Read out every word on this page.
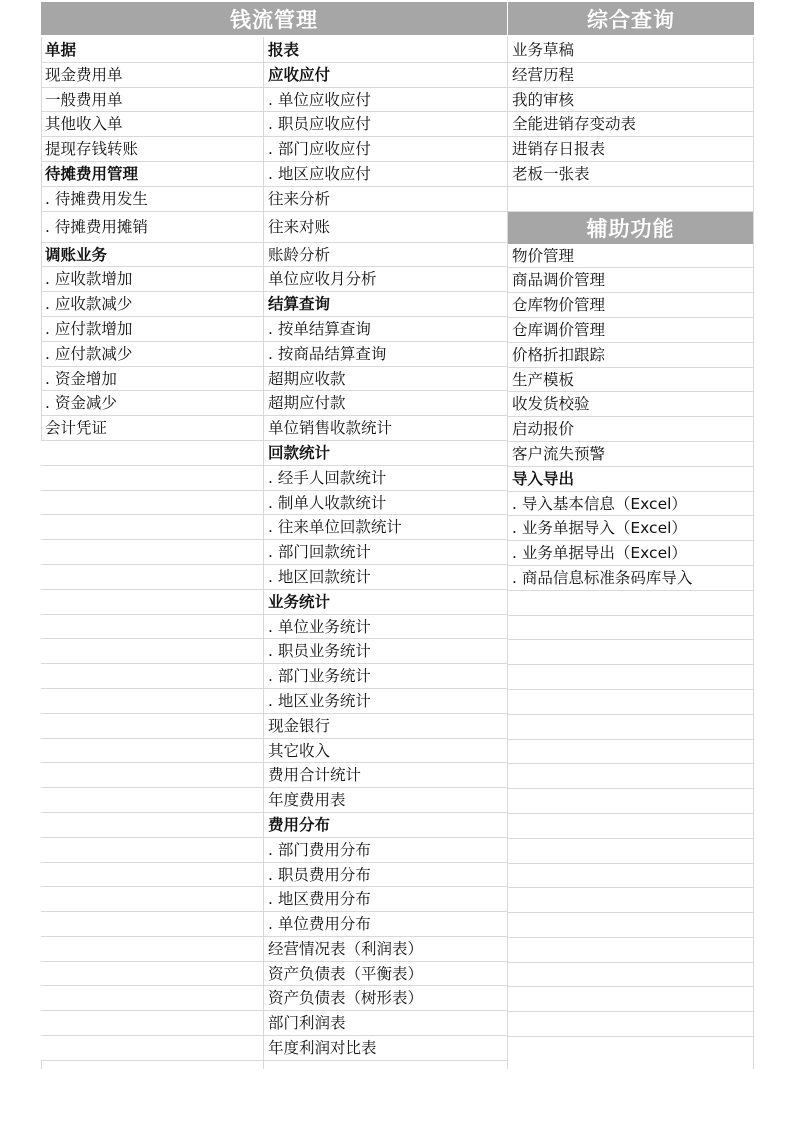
钱流管理	综合查询
单据
现金费用单
一般费用单
其他收入单
提现存钱转账
待摊费用管理
. 待摊费用发生
. 待摊费用摊销
调账业务
. 应收款增加
. 应收款减少
. 应付款增加
. 应付款减少
. 资金增加
. 资金减少
会计凭证
报表
应收应付
. 单位应收应付
. 职员应收应付
. 部门应收应付
. 地区应收应付
往来分析
往来对账
账龄分析
单位应收月分析
结算查询
. 按单结算查询
. 按商品结算查询
超期应收款
超期应付款
单位销售收款统计
回款统计
. 经手人回款统计
. 制单人收款统计
. 往来单位回款统计
. 部门回款统计
. 地区回款统计
业务统计
. 单位业务统计
. 职员业务统计
. 部门业务统计
. 地区业务统计
现金银行
其它收入
费用合计统计
年度费用表
费用分布
. 部门费用分布
. 职员费用分布
. 地区费用分布
. 单位费用分布
经营情况表（利润表）
资产负债表（平衡表）
资产负债表（树形表）
部门利润表
年度利润对比表
业务草稿
经营历程
我的审核
全能进销存变动表
进销存日报表
老板一张表
辅助功能
物价管理
商品调价管理
仓库物价管理
仓库调价管理
价格折扣跟踪
生产模板
收发货校验
启动报价
客户流失预警
导入导出
. 导入基本信息（Excel）
. 业务单据导入（Excel）
. 业务单据导出（Excel）
. 商品信息标准条码库导入
